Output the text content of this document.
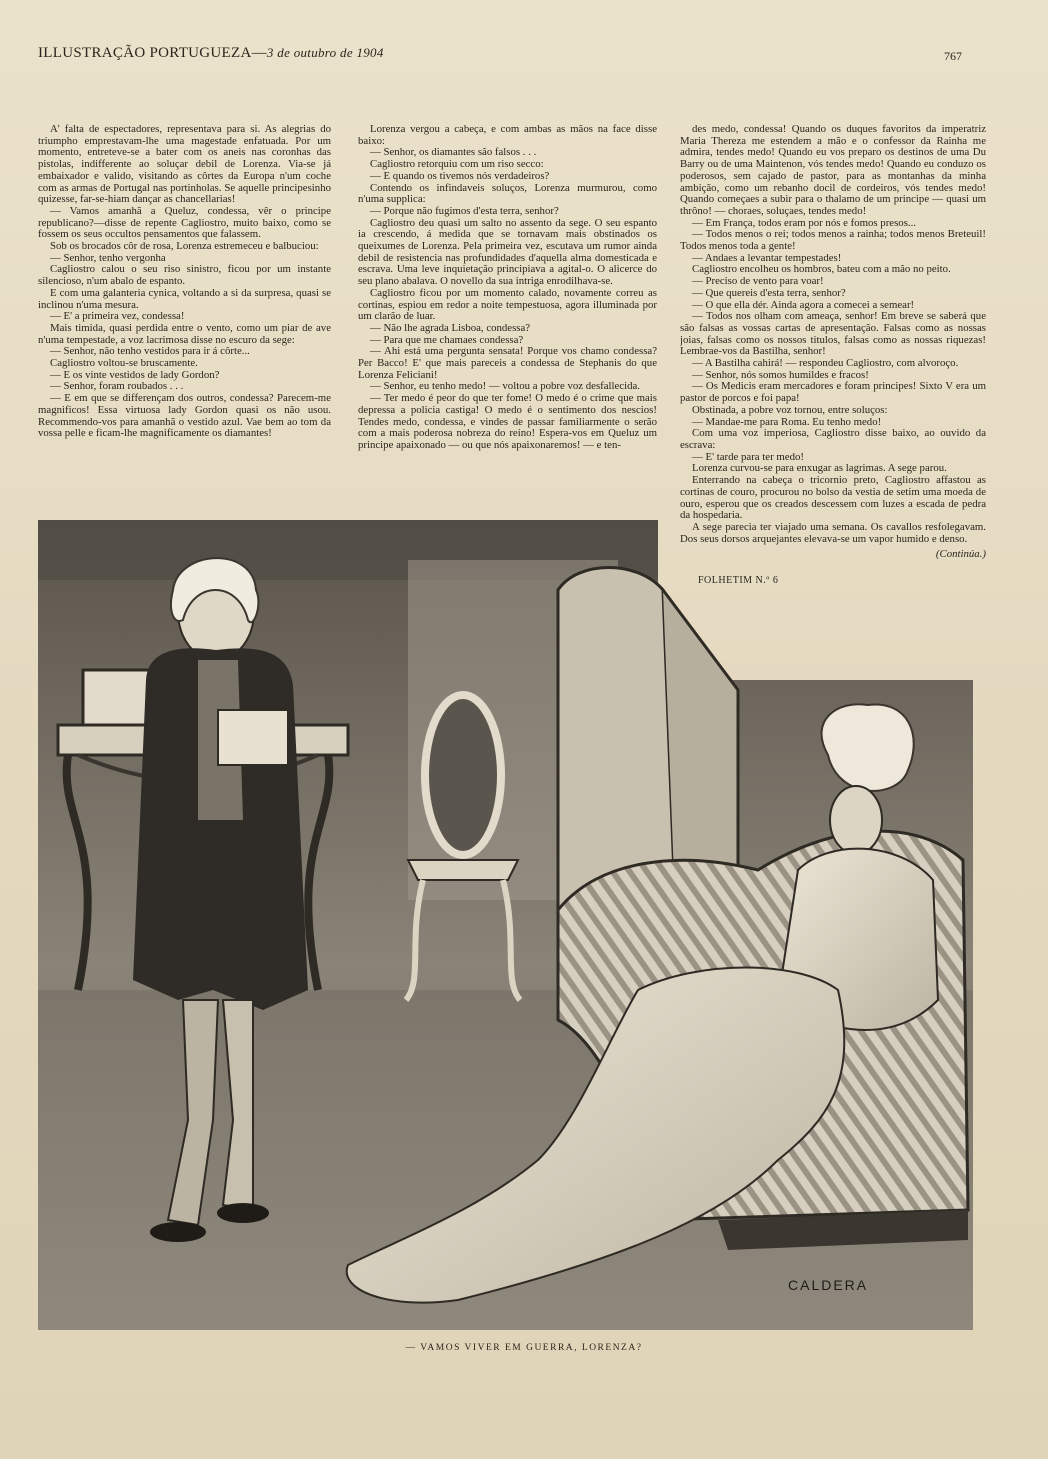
ILLUSTRAÇÃO PORTUGUEZA—3 de outubro de 1904	767

A' falta de espectadores, representava para si. As alegrias do triumpho emprestavam-lhe uma magestade enfatuada. Por um momento, entreteve-se a bater com os aneis nas coronhas das pistolas, indifferente ao soluçar debil de Lorenza. Via-se já embaixador e valido, visitando as côrtes da Europa n'um coche com as armas de Portugal nas portinholas. Se aquelle principesinho quizesse, far-se-hiam dançar as chancellarias!

— Vamos amanhã a Queluz, condessa, vêr o principe republicano?—disse de repente Cagliostro, muito baixo, como se fossem os seus occultos pensamentos que falassem.

Sob os brocados côr de rosa, Lorenza estremeceu e balbuciou:

— Senhor, tenho vergonha

Cagliostro calou o seu riso sinistro, ficou por um instante silencioso, n'um abalo de espanto.

E com uma galanteria cynica, voltando a si da surpresa, quasi se inclinou n'uma mesura.

— E' a primeira vez, condessa!

Mais timida, quasi perdida entre o vento, como um piar de ave n'uma tempestade, a voz lacrimosa disse no escuro da sege:

— Senhor, não tenho vestidos para ir á côrte...

Cagliostro voltou-se bruscamente.

— E os vinte vestidos de lady Gordon?

— Senhor, foram roubados . . .

— E em que se differençam dos outros, condessa? Parecem-me magnificos! Essa virtuosa lady Gordon quasi os não usou. Recommendo-vos para amanhã o vestido azul. Vae bem ao tom da vossa pelle e ficam-lhe magnificamente os diamantes!

Lorenza vergou a cabeça, e com ambas as mãos na face disse baixo:

— Senhor, os diamantes são falsos . . .

Cagliostro retorquiu com um riso secco:

— E quando os tivemos nós verdadeiros?

Contendo os infindaveis soluços, Lorenza murmurou, como n'uma supplica:

— Porque não fugimos d'esta terra, senhor?

Cagliostro deu quasi um salto no assento da sege. O seu espanto ia crescendo, á medida que se tornavam mais obstinados os queixumes de Lorenza. Pela primeira vez, escutava um rumor ainda debil de resistencia nas profundidades d'aquella alma domesticada e escrava. Uma leve inquietação principiava a agital-o. O alicerce do seu plano abalava. O novello da sua intriga enrodilhava-se.

Cagliostro ficou por um momento calado, novamente correu as cortinas, espiou em redor a noite tempestuosa, agora illuminada por um clarão de luar.

— Não lhe agrada Lisboa, condessa?

— Para que me chamaes condessa?

— Ahi está uma pergunta sensata! Porque vos chamo condessa? Per Bacco! E' que mais pareceis a condessa de Stephanis do que Lorenza Feliciani!

— Senhor, eu tenho medo! — voltou a pobre voz desfallecida.

— Ter medo é peor do que ter fome! O medo é o crime que mais depressa a policia castiga! O medo é o sentimento dos nescios! Tendes medo, condessa, e vindes de passar familiarmente o serão com a mais poderosa nobreza do reino! Espera-vos em Queluz um principe apaixonado — ou que nós apaixonaremos! — e ten-

des medo, condessa! Quando os duques favoritos da imperatriz Maria Thereza me estendem a mão e o confessor da Rainha me admira, tendes medo! Quando eu vos preparo os destinos de uma Du Barry ou de uma Maintenon, vós tendes medo! Quando eu conduzo os poderosos, sem cajado de pastor, para as montanhas da minha ambição, como um rebanho docil de cordeiros, vós tendes medo! Quando começaes a subir para o thalamo de um principe — quasi um thrôno! — choraes, soluçaes, tendes medo!

— Em França, todos eram por nós e fomos presos...

— Todos menos o rei; todos menos a rainha; todos menos Breteuil! Todos menos toda a gente!

— Andaes a levantar tempestades!

Cagliostro encolheu os hombros, bateu com a mão no peito.

— Preciso de vento para voar!

— Que quereis d'esta terra, senhor?

— O que ella dér. Ainda agora a comecei a semear!

— Todos nos olham com ameaça, senhor! Em breve se saberá que são falsas as vossas cartas de apresentação. Falsas como as nossas joias, falsas como os nossos titulos, falsas como as nossas riquezas! Lembrae-vos da Bastilha, senhor!

— A Bastilha cahirá! — respondeu Cagliostro, com alvoroço.

— Senhor, nós somos humildes e fracos!

— Os Medicis eram mercadores e foram principes! Sixto V era um pastor de porcos e foi papa!

Obstinada, a pobre voz tornou, entre soluços:

— Mandae-me para Roma. Eu tenho medo!

Com uma voz imperiosa, Cagliostro disse baixo, ao ouvido da escrava:

— E' tarde para ter medo!

Lorenza curvou-se para enxugar as lagrimas. A sege parou.

Enterrando na cabeça o tricornio preto, Cagliostro affastou as cortinas de couro, procurou no bolso da vestia de setim uma moeda de ouro, esperou que os creados descessem com luzes a escada de pedra da hospedaria.

A sege parecia ter viajado uma semana. Os cavallos resfolegavam. Dos seus dorsos arquejantes elevava-se um vapor humido e denso.

(Continúa.)

FOLHETIM N.º 6

CALDERA
— VAMOS VIVER EM GUERRA, LORENZA?
